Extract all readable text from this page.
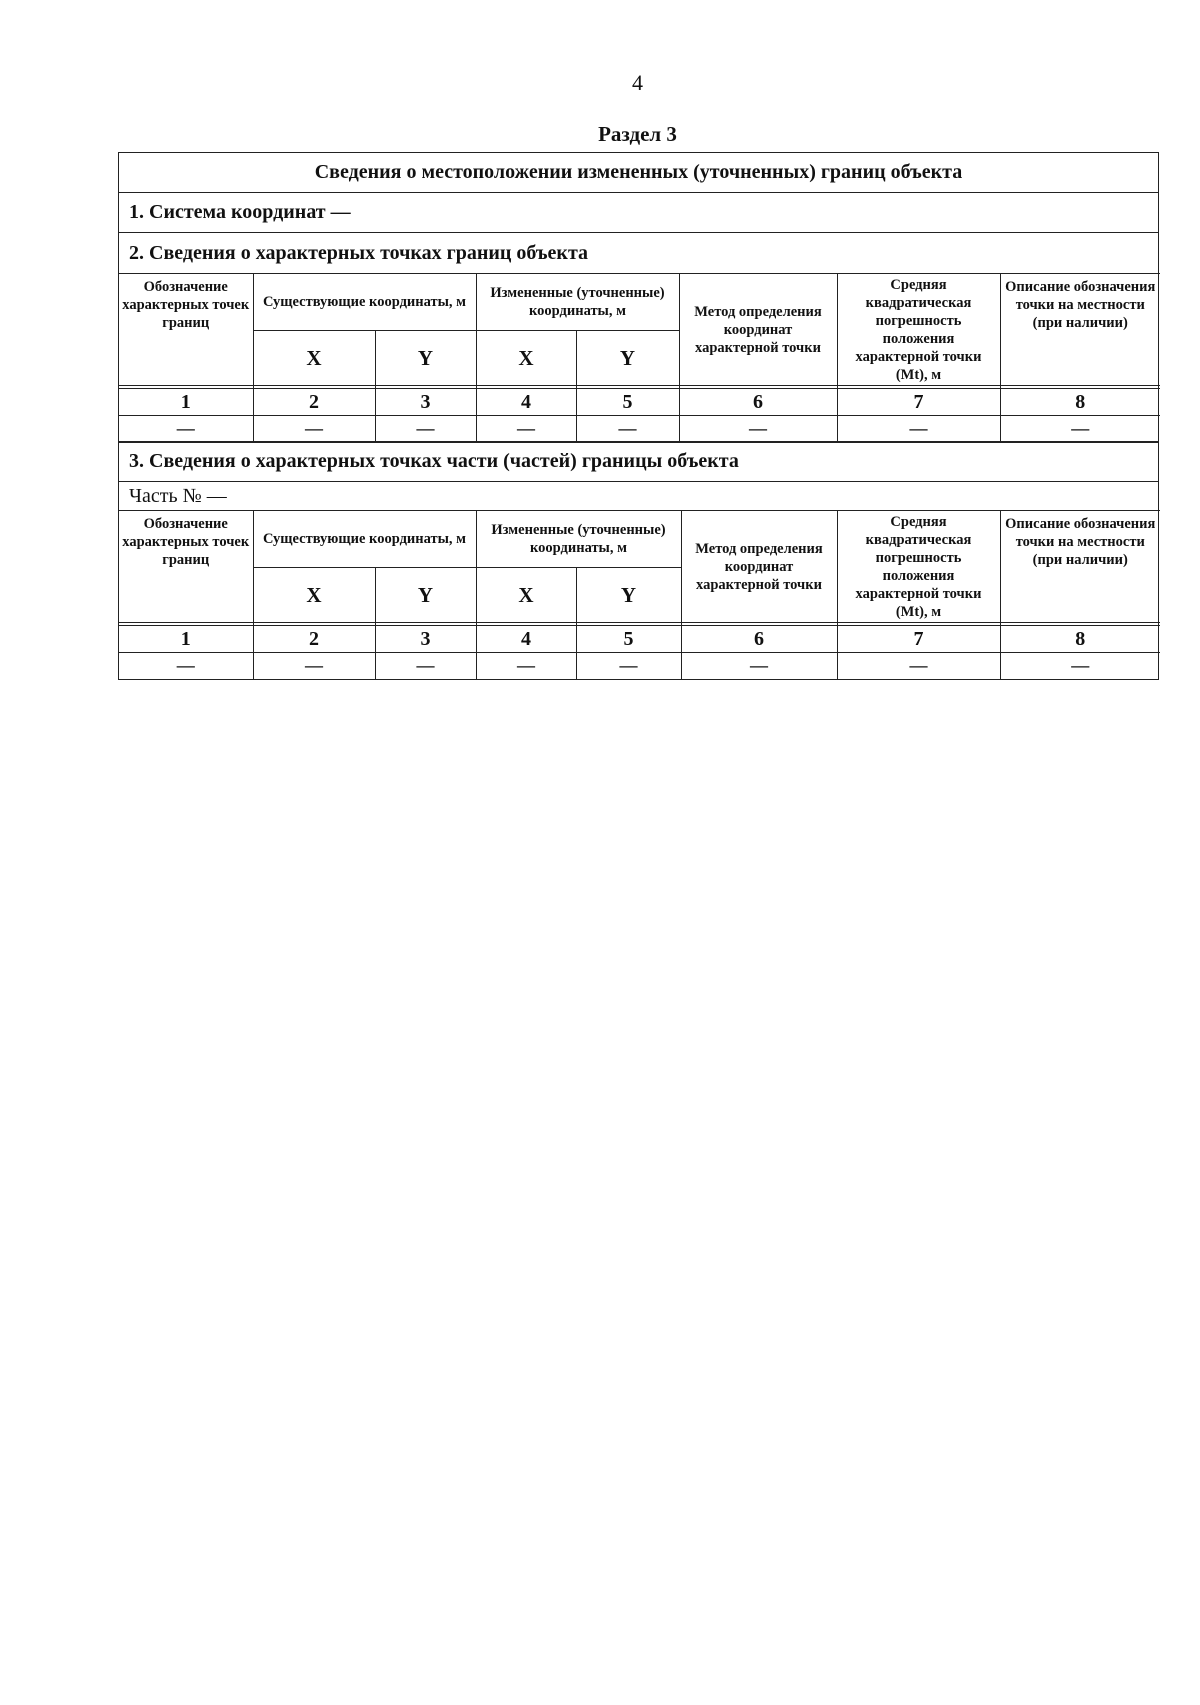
4
Раздел 3
Сведения о местоположении измененных (уточненных) границ объекта
1. Система координат —
2. Сведения о характерных точках границ объекта
Обозначение характерных точек границ	Существующие координаты, м		Измененные (уточненные) координаты, м		Метод определения координат характерной точки	Средняя квадратическая погрешность положения характерной точки (Mt), м	Описание обозначения точки на местности (при наличии)
	X	Y	X	Y			

1	2	3	4	5	6	7	8
—	—	—	—	—	—	—	—
3. Сведения о характерных точках части (частей) границы объекта
Часть № —
Обозначение характерных точек границ	Существующие координаты, м		Измененные (уточненные) координаты, м		Метод определения координат характерной точки	Средняя квадратическая погрешность положения характерной точки (Mt), м	Описание обозначения точки на местности (при наличии)
	X	Y	X	Y			

1	2	3	4	5	6	7	8
—	—	—	—	—	—	—	—
